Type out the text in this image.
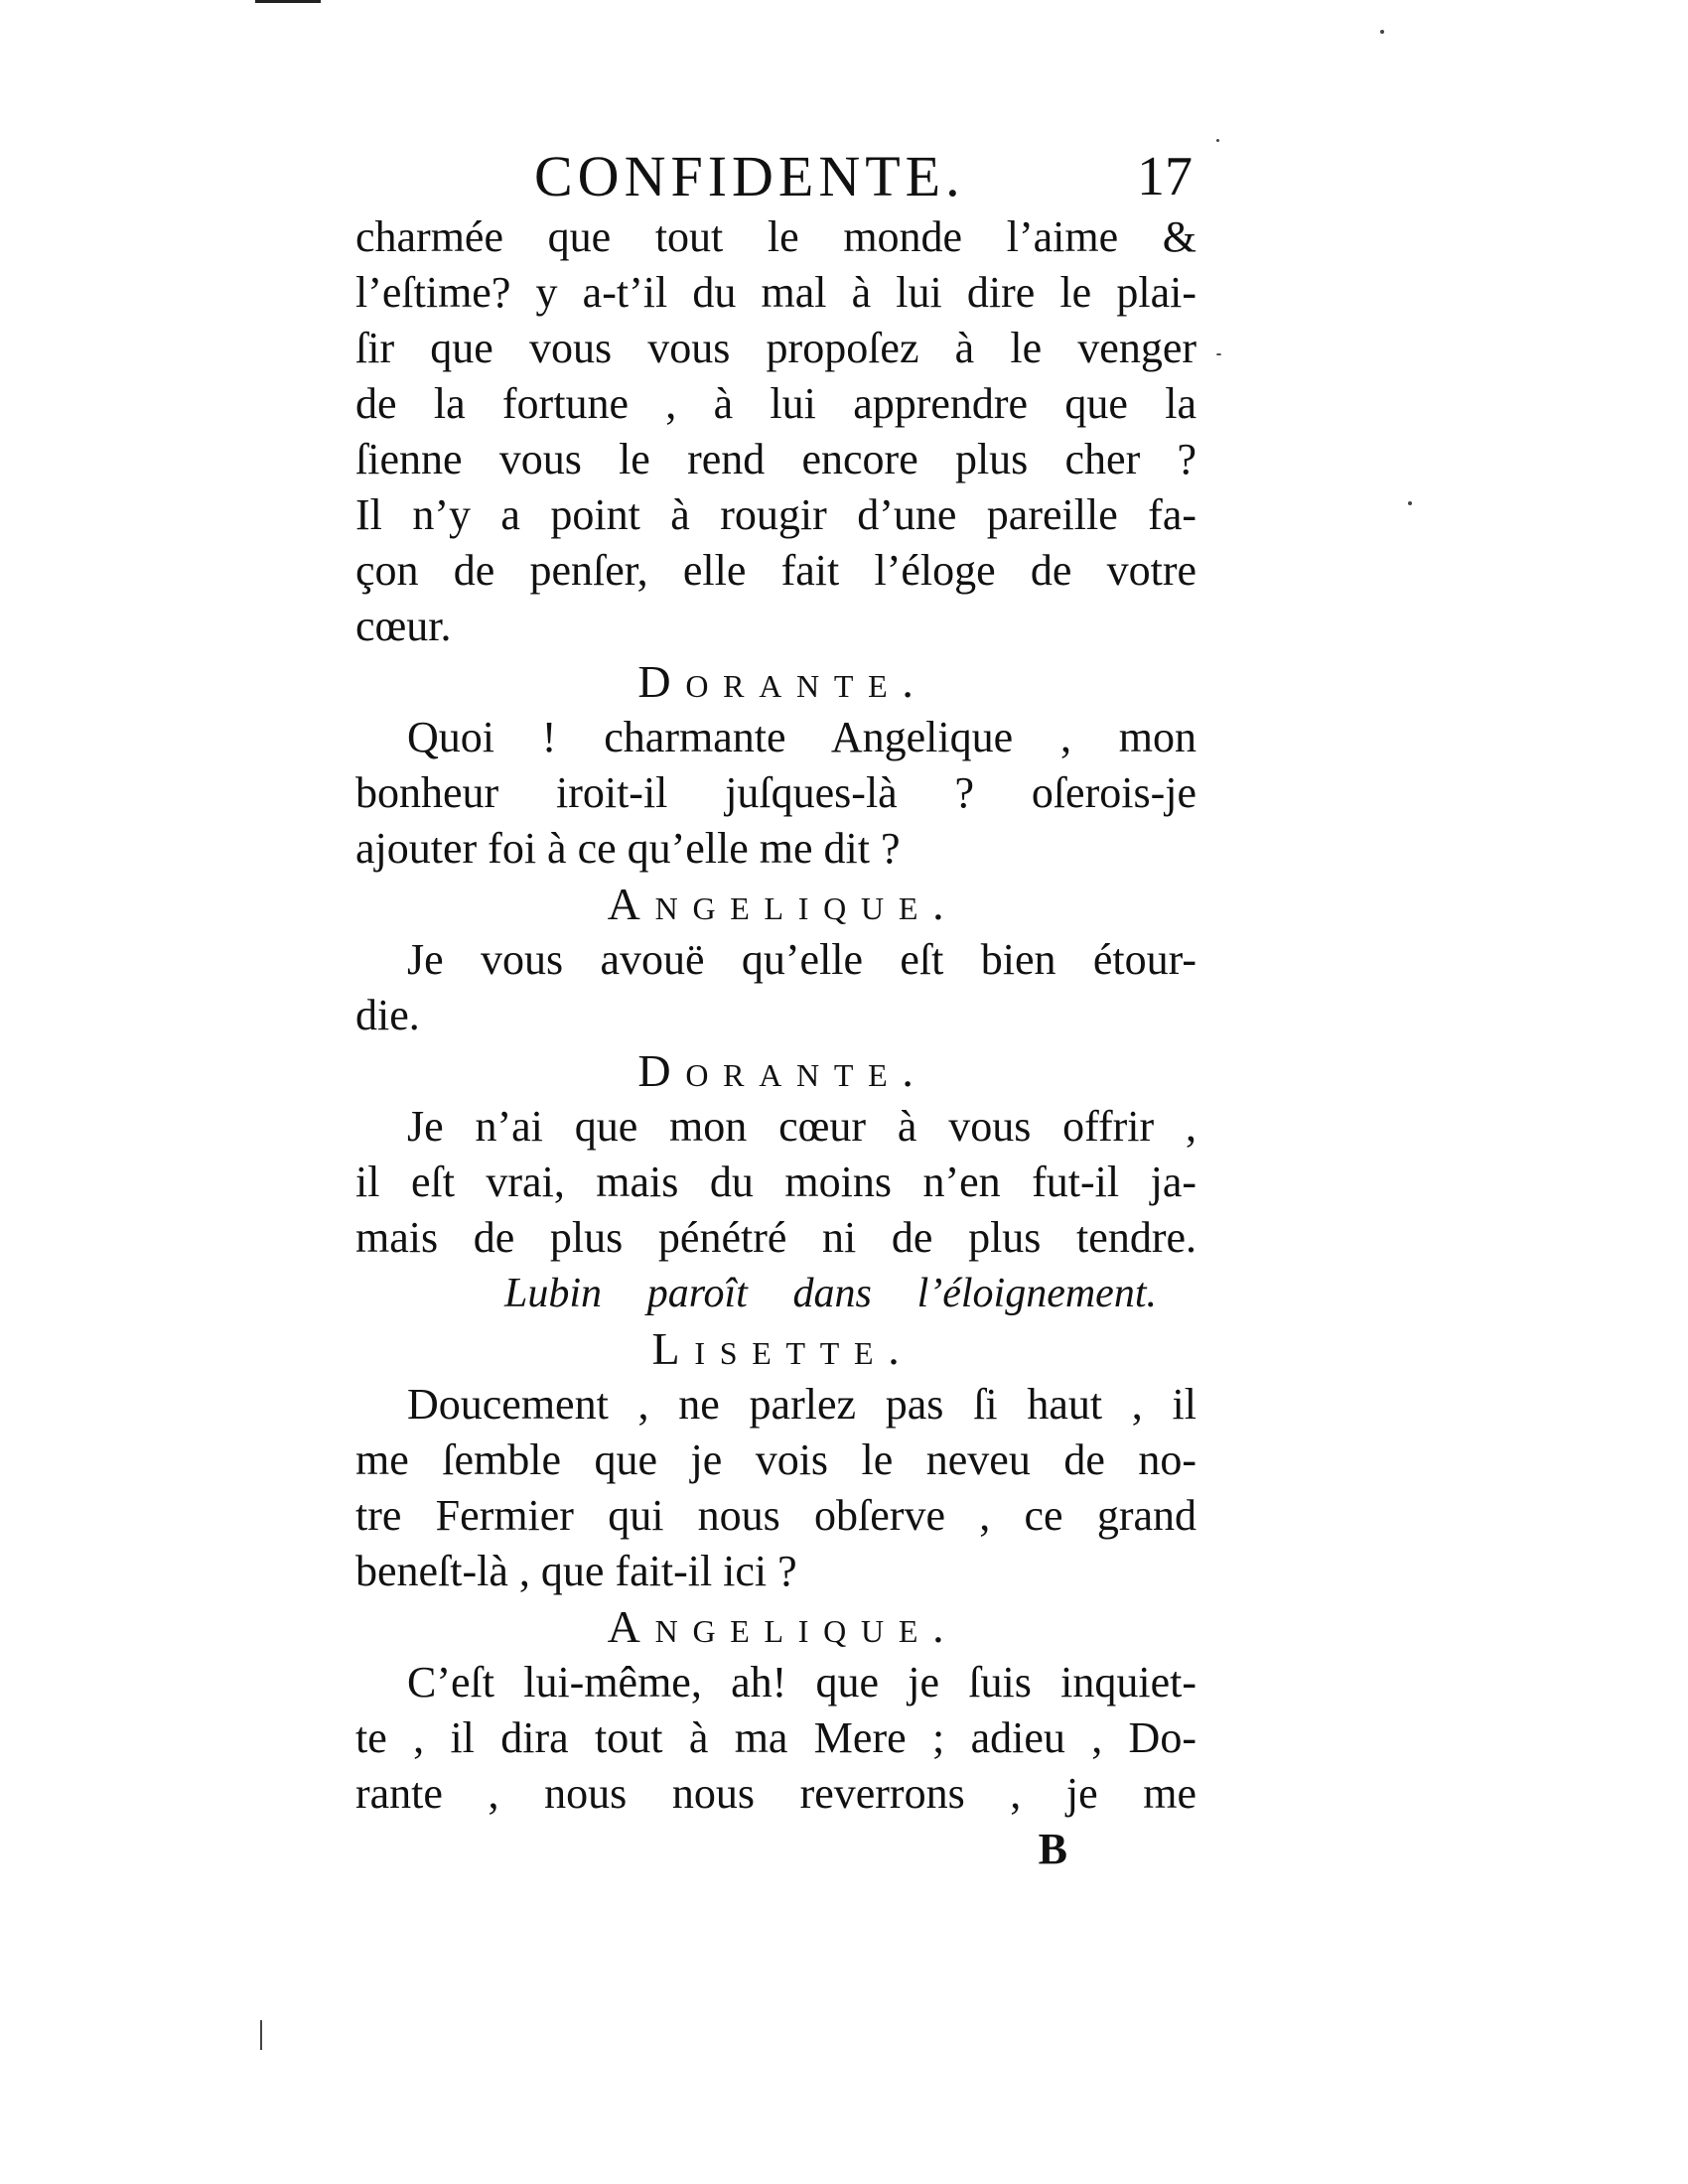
CONFIDENTE.	17
charmée que tout le monde l’aime &
l’eſtime? y a-t’il du mal à lui dire le plai-
ſir que vous vous propoſez à le venger
de la fortune , à lui apprendre que la
ſienne vous le rend encore plus cher ?
Il n’y a point à rougir d’une pareille fa-
çon de penſer, elle fait l’éloge de votre
cœur.
Dorante.
Quoi ! charmante Angelique , mon
bonheur iroit-il juſques-là ? oſerois-je
ajouter foi à ce qu’elle me dit ?
Angelique.
Je vous avouë qu’elle eſt bien étour-
die.
Dorante.
Je n’ai que mon cœur à vous offrir ,
il eſt vrai, mais du moins n’en fut-il ja-
mais de plus pénétré ni de plus tendre.
Lubin paroît dans l’éloignement.
Lisette.
Doucement , ne parlez pas ſi haut , il
me ſemble que je vois le neveu de no-
tre Fermier qui nous obſerve , ce grand
beneſt-là , que fait-il ici ?
Angelique.
C’eſt lui-même, ah! que je ſuis inquiet-
te , il dira tout à ma Mere ; adieu , Do-
rante , nous nous reverrons , je me
B
